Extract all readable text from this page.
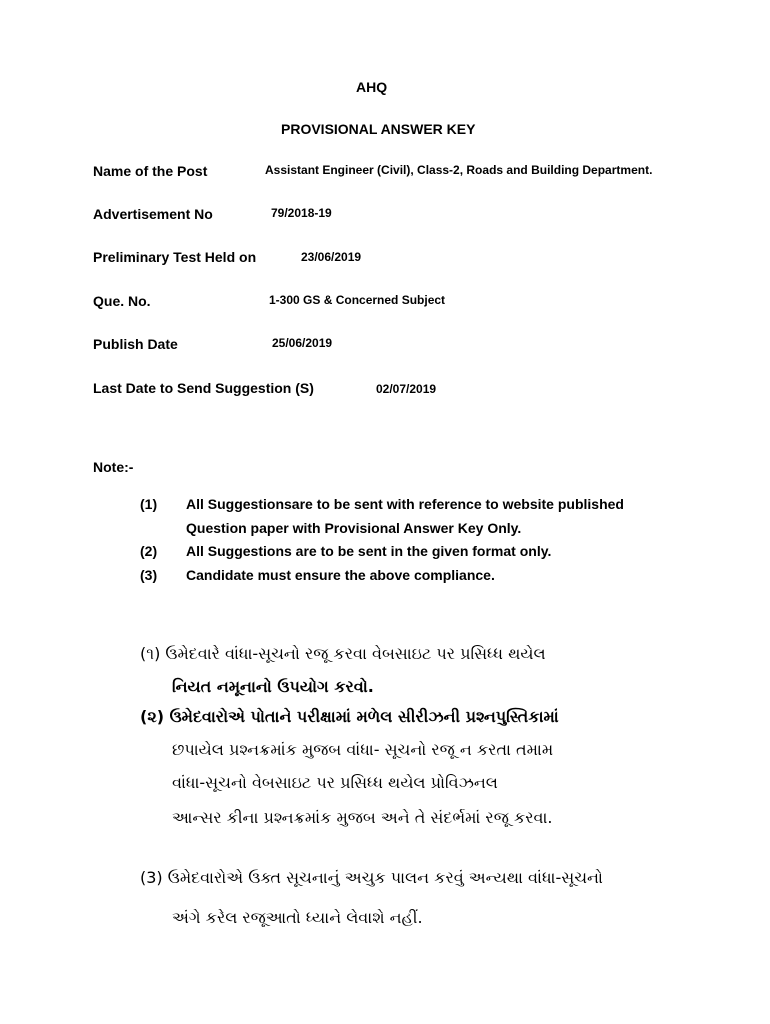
AHQ
PROVISIONAL ANSWER KEY
Name of the Post	Assistant Engineer (Civil), Class-2, Roads and Building Department.
Advertisement No	79/2018-19
Preliminary Test Held on	23/06/2019
Que. No.	1-300 GS & Concerned Subject
Publish Date	25/06/2019
Last Date to Send Suggestion (S)	02/07/2019
Note:-
(1) All Suggestionsare to be sent with reference to website published
Question paper with Provisional Answer Key Only.
(2) All Suggestions are to be sent in the given format only.
(3) Candidate must ensure the above compliance.
(૧) ઉમેદવારે વાંધા-સૂચનો રજૂ કરવા વેબસાઇટ પર પ્રસિધ્ધ થયેલ
નિયત નમૂનાનો ઉપયોગ કરવો.
(૨) ઉમેદવારોએ પોતાને પરીક્ષામાં મળેલ સીરીઝની પ્રશ્નપુસ્તિકામાં
છપાયેલ પ્રશ્નક્રમાંક મુજબ વાંધા- સૂચનો રજૂ ન કરતા તમામ
વાંધા-સૂચનો વેબસાઇટ પર પ્રસિધ્ધ થયેલ પ્રોવિઝનલ
આન્સર કીના પ્રશ્નક્રમાંક મુજબ અને તે સંદર્ભમાં રજૂ કરવા.
(3) ઉમેદવારોએ ઉક્ત સૂચનાનું અચુક પાલન કરવું અન્યથા વાંધા-સૂચનો
અંગે કરેલ રજૂઆતો ધ્યાને લેવાશે નહીં.
